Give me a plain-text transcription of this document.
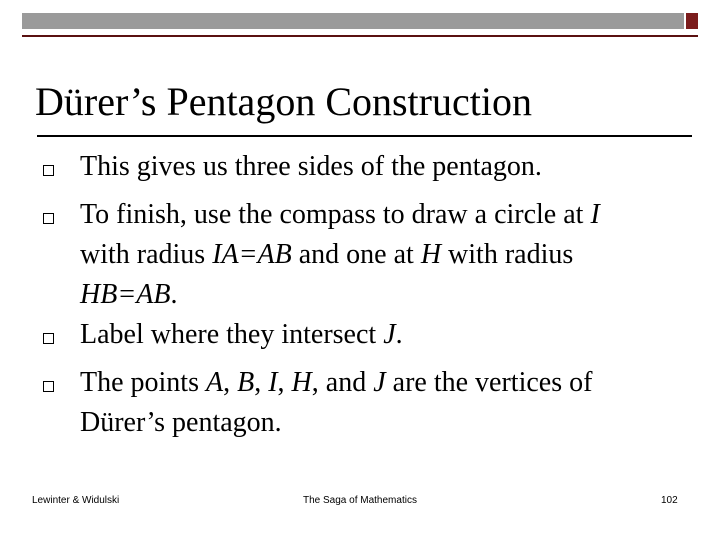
Dürer’s Pentagon Construction
This gives us three sides of the pentagon.
To finish, use the compass to draw a circle at I
with radius IA=AB and one at H with radius
HB=AB.
Label where they intersect J.
The points A, B, I, H, and J are the vertices of
Dürer’s pentagon.
Lewinter & Widulski	The Saga of Mathematics	102
